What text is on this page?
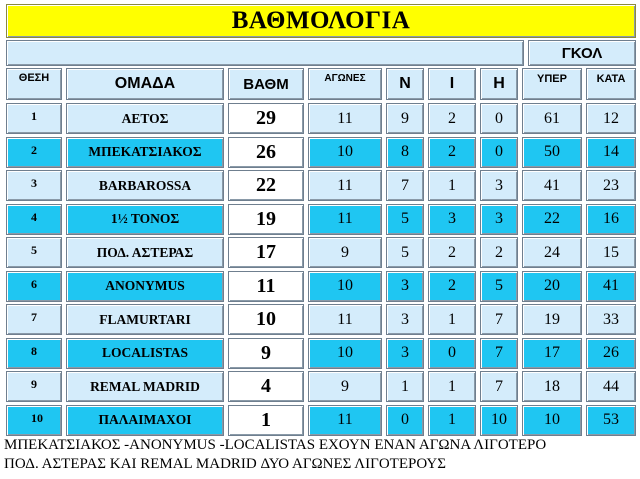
ΒΑΘΜΟΛΟΓΙΑ
ΓΚΟΛ
ΘΕΣΗ	ΟΜΑΔΑ	ΒΑΘΜ	ΑΓΩΝΕΣ	Ν	Ι	Η	ΥΠΕΡ	ΚΑΤΑ
1	ΑΕΤΟΣ	29	11	9	2	0	61	12
2	ΜΠΕΚΑΤΣΙΑΚΟΣ	26	10	8	2	0	50	14
3	BARBAROSSA	22	11	7	1	3	41	23
4	1½ ΤΟΝΟΣ	19	11	5	3	3	22	16
5	ΠΟΔ. ΑΣΤΕΡΑΣ	17	9	5	2	2	24	15
6	ANONYMUS	11	10	3	2	5	20	41
7	FLAMURTARI	10	11	3	1	7	19	33
8	LOCALISTAS	9	10	3	0	7	17	26
9	REMAL MADRID	4	9	1	1	7	18	44
10	ΠΑΛΑΙΜΑΧΟΙ	1	11	0	1	10	10	53
ΜΠΕΚΑΤΣΙΑΚΟΣ -ANONYMUS -LOCALISTAS ΕΧΟΥΝ ΕΝΑΝ ΑΓΩΝΑ ΛΙΓΟΤΕΡΟ
ΠΟΔ. ΑΣΤΕΡΑΣ ΚΑΙ REMAL MADRID ΔΥΟ ΑΓΩΝΕΣ ΛΙΓΟΤΕΡΟΥΣ
